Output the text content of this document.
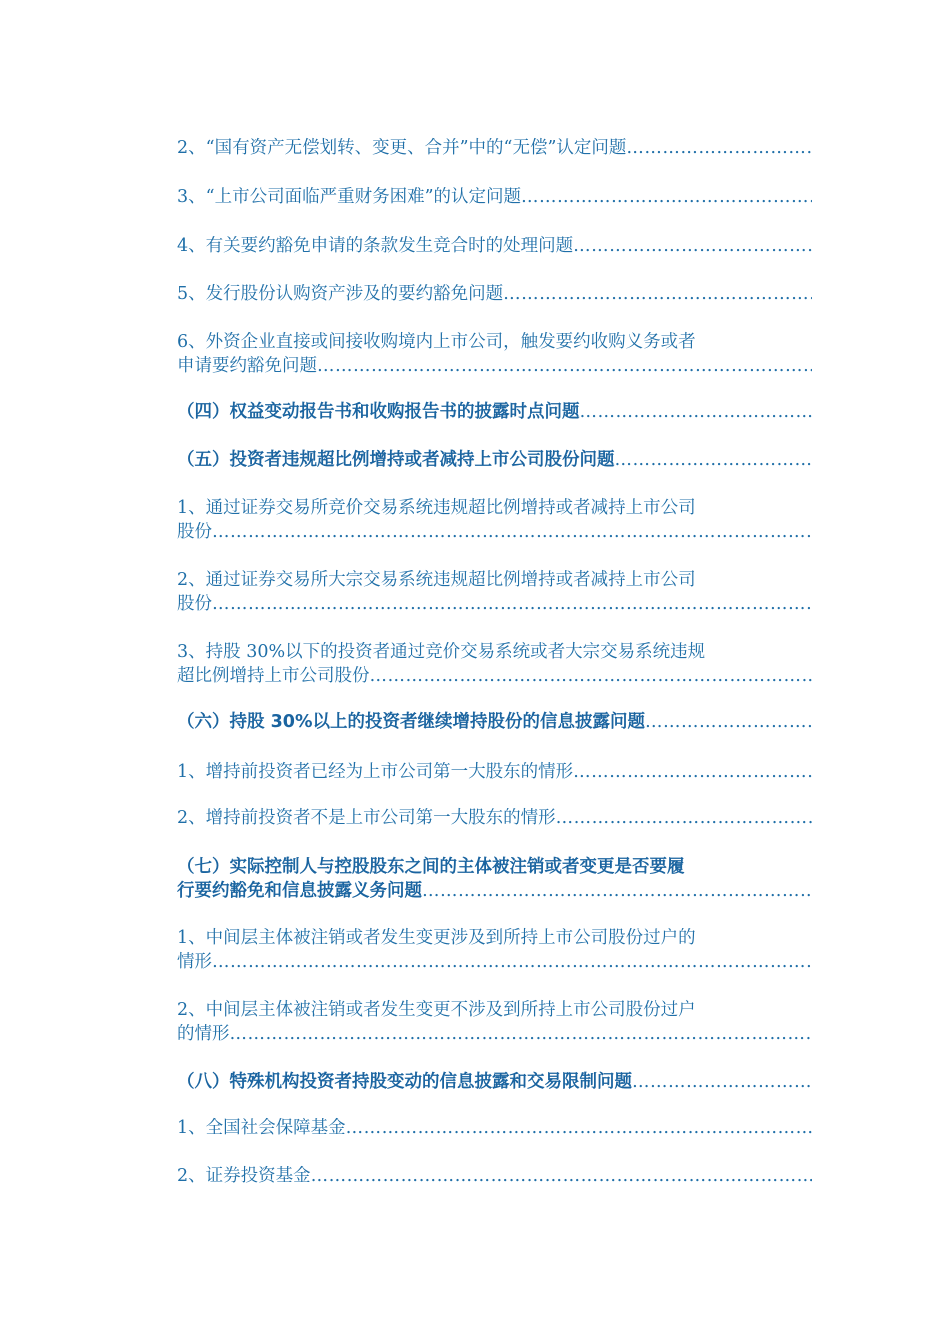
2、“国有资产无偿划转、变更、合并”中的“无偿”认定问题
……………………………………………………………………………………………………………………………………………………………………
3、“上市公司面临严重财务困难”的认定问题
……………………………………………………………………………………………………………………………………………………………………
4、有关要约豁免申请的条款发生竞合时的处理问题
……………………………………………………………………………………………………………………………………………………………………
5、发行股份认购资产涉及的要约豁免问题
……………………………………………………………………………………………………………………………………………………………………
6、外资企业直接或间接收购境内上市公司，触发要约收购义务或者
申请要约豁免问题
……………………………………………………………………………………………………………………………………………………………………
（四）权益变动报告书和收购报告书的披露时点问题
……………………………………………………………………………………………………………………………………………………………………
（五）投资者违规超比例增持或者减持上市公司股份问题
……………………………………………………………………………………………………………………………………………………………………
1、通过证券交易所竞价交易系统违规超比例增持或者减持上市公司
股份
……………………………………………………………………………………………………………………………………………………………………
2、通过证券交易所大宗交易系统违规超比例增持或者减持上市公司
股份
……………………………………………………………………………………………………………………………………………………………………
3、持股 30%以下的投资者通过竞价交易系统或者大宗交易系统违规
超比例增持上市公司股份
……………………………………………………………………………………………………………………………………………………………………
（六）持股 30%以上的投资者继续增持股份的信息披露问题
……………………………………………………………………………………………………………………………………………………………………
1、增持前投资者已经为上市公司第一大股东的情形
……………………………………………………………………………………………………………………………………………………………………
2、增持前投资者不是上市公司第一大股东的情形
……………………………………………………………………………………………………………………………………………………………………
（七）实际控制人与控股股东之间的主体被注销或者变更是否要履
行要约豁免和信息披露义务问题
……………………………………………………………………………………………………………………………………………………………………
1、中间层主体被注销或者发生变更涉及到所持上市公司股份过户的
情形
……………………………………………………………………………………………………………………………………………………………………
2、中间层主体被注销或者发生变更不涉及到所持上市公司股份过户
的情形
……………………………………………………………………………………………………………………………………………………………………
（八）特殊机构投资者持股变动的信息披露和交易限制问题
……………………………………………………………………………………………………………………………………………………………………
1、全国社会保障基金
……………………………………………………………………………………………………………………………………………………………………
2、证券投资基金
……………………………………………………………………………………………………………………………………………………………………
